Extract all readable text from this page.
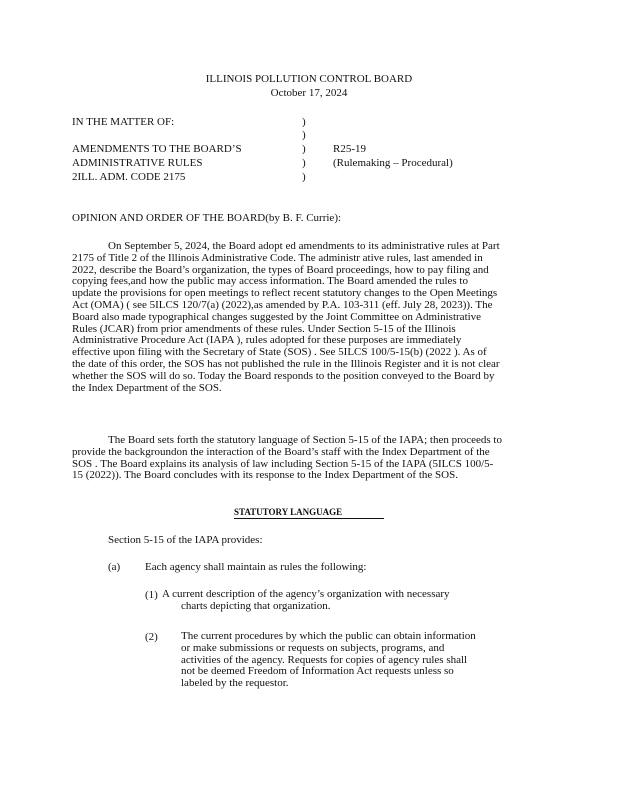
ILLINOIS POLLUTION CONTROL BOARD
October 17, 2024
IN THE MATTER OF:
AMENDMENTS TO THE BOARD’S
ADMINISTRATIVE RULES
2ILL. ADM. CODE 2175
)
)
)
)
)
R25-19
(Rulemaking – Procedural)
OPINION AND ORDER OF THE BOARD(by B. F. Currie):
On September 5, 2024, the Board adopt ed amendments to its administrative rules at Part
2175 of Title 2 of the Illinois Administrative Code. The administr ative rules, last amended in
2022, describe the Board’s organization, the types of Board proceedings, how to pay filing and
copying fees,and how the public may access information. The Board amended the rules to
update the provisions for open meetings to reflect recent statutory changes to the Open Meetings
Act (OMA) ( see 5ILCS 120/7(a) (2022),as amended by P.A. 103-311 (eff. July 28, 2023)). The
Board also made typographical changes suggested by the Joint Committee on Administrative
Rules (JCAR) from prior amendments of these rules. Under Section 5-15 of the Illinois
Administrative Procedure Act (IAPA ), rules adopted for these purposes are immediately
effective upon filing with the Secretary of State (SOS) . See 5ILCS 100/5-15(b) (2022 ). As of
the date of this order, the SOS has not published the rule in the Illinois Register and it is not clear
whether the SOS will do so. Today the Board responds to the position conveyed to the Board by
the Index Department of the SOS.
The Board sets forth the statutory language of Section 5-15 of the IAPA; then proceeds to
provide the backgroundon the interaction of the Board’s staff with the Index Department of the
SOS . The Board explains its analysis of law including Section 5-15 of the IAPA (5ILCS 100/5-
15 (2022)). The Board concludes with its response to the Index Department of the SOS.
STATUTORY LANGUAGE
Section 5-15 of the IAPA provides:
(a) Each agency shall maintain as rules the following:
(1) A current description of the agency’s organization with necessary
charts depicting that organization.
(2) The current procedures by which the public can obtain information
or make submissions or requests on subjects, programs, and
activities of the agency. Requests for copies of agency rules shall
not be deemed Freedom of Information Act requests unless so
labeled by the requestor.
